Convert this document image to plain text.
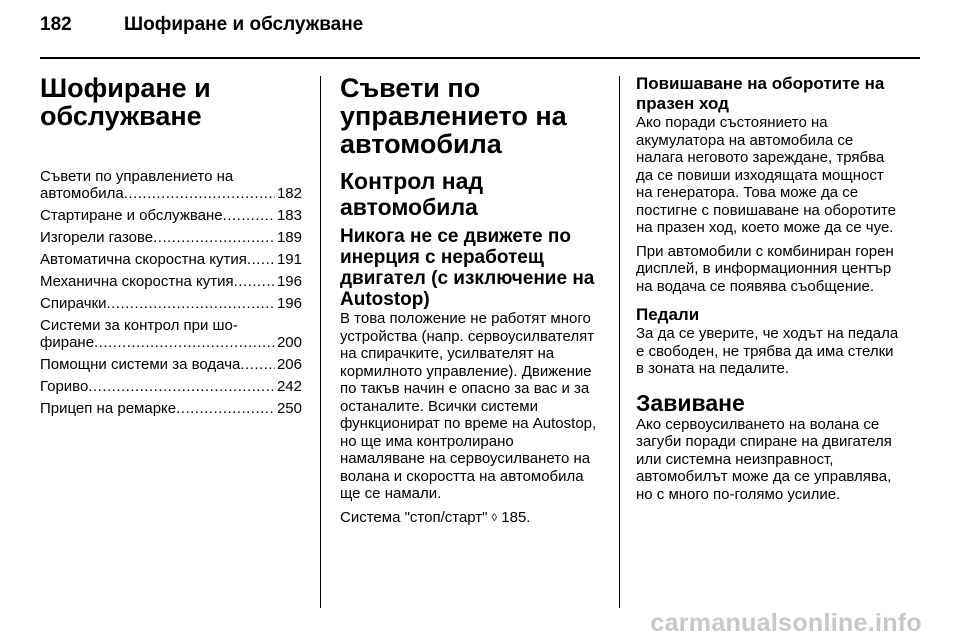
182	Шофиране и обслужване
Шофиране и
обслужване
Съвети по управлението на
автомобила .....	182
Стартиране и обслужване .....	183
Изгорели газове .....	189
Автоматична скоростна кутия ..... 191
Механична скоростна кутия .....	196
Спирачки .....	196
Системи за контрол при шо-
фиране .....	200
Помощни системи за водача ..... 206
Гориво .....	242
Прицеп на ремарке .....	250
Съвети по
управлението на
автомобила
Контрол над автомобила
Никога не се движете по
инерция с неработещ
двигател (с изключение на
Autostop)

В това положение не работят много устройства (напр. сервоусилвателят на спирачките, усилвателят на кормилното управление). Движение по такъв начин е опасно за вас и за останалите. Всички системи функционират по време на Autostop, но ще има контролирано намаляване на сервоусилването на волана и скоростта на автомобила ще се намали.

Система "стоп/старт" ◊ 185.

Повишаване на оборотите на
празен ход

Ако поради състоянието на акумулатора на автомобила се налага неговото зареждане, трябва да се повиши изходящата мощност на генератора. Това може да се постигне с повишаване на оборотите на празен ход, което може да се чуе.

При автомобили с комбиниран горен дисплей, в информационния център на водача се появява съобщение.

Педали

За да се уверите, че ходът на педала е свободен, не трябва да има стелки в зоната на педалите.

Завиване

Ако сервоусилването на волана се загуби поради спиране на двигателя или системна неизправност, автомобилът може да се управлява, но с много по-голямо усилие.

carmanualsonline.info
